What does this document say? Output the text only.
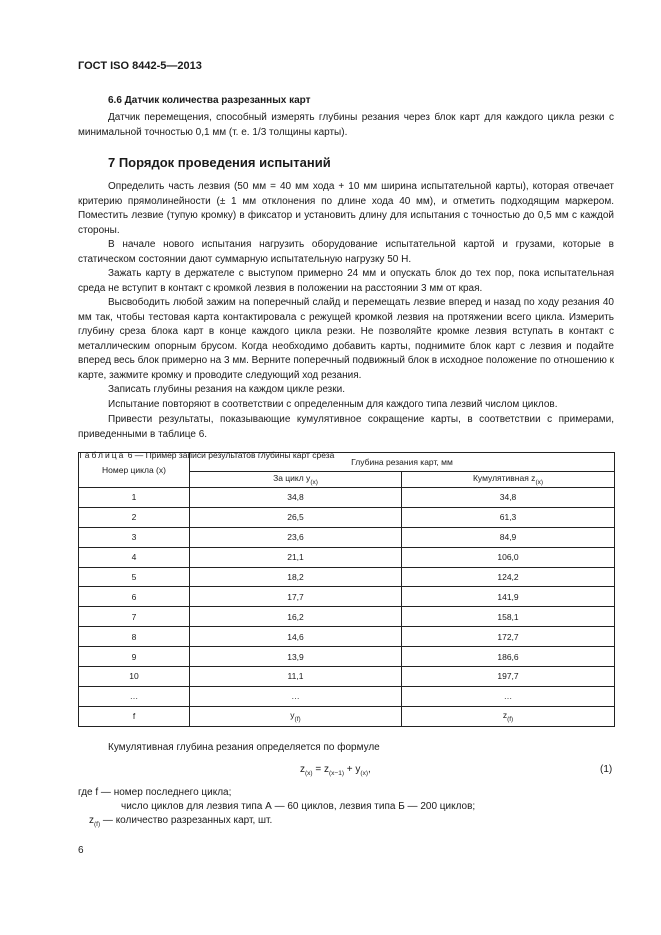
ГОСТ ISO 8442-5—2013
6.6 Датчик количества разрезанных карт

Датчик перемещения, способный измерять глубины резания через блок карт для каждого цикла резки с минимальной точностью 0,1 мм (т. е. 1/3 толщины карты).

7 Порядок проведения испытаний

Определить часть лезвия (50 мм = 40 мм хода + 10 мм ширина испытательной карты), которая отвечает критерию прямолинейности (± 1 мм отклонения по длине хода 40 мм), и отметить подходящим маркером. Поместить лезвие (тупую кромку) в фиксатор и установить длину для испытания с точностью до 0,5 мм с каждой стороны.

В начале нового испытания нагрузить оборудование испытательной картой и грузами, которые в статическом состоянии дают суммарную испытательную нагрузку 50 Н.

Зажать карту в держателе с выступом примерно 24 мм и опускать блок до тех пор, пока испытательная среда не вступит в контакт с кромкой лезвия в положении на расстоянии 3 мм от края.

Высвободить любой зажим на поперечный слайд и перемещать лезвие вперед и назад по ходу резания 40 мм так, чтобы тестовая карта контактировала с режущей кромкой лезвия на протяжении всего цикла. Измерить глубину среза блока карт в конце каждого цикла резки. Не позволяйте кромке лезвия вступать в контакт с металлическим опорным брусом. Когда необходимо добавить карты, поднимите блок карт с лезвия и подайте вперед весь блок примерно на 3 мм. Верните поперечный подвижный блок в исходное положение по отношению к карте, зажмите кромку и проводите следующий ход резания.

Записать глубины резания на каждом цикле резки.

Испытание повторяют в соответствии с определенным для каждого типа лезвий числом циклов.

Таблица 6 — Пример записи результатов глубины карт среза
Номер цикла (x)	Глубина резания карт, мм	
	За цикл $y_{(x)}$	Кумулятивная $z_{(x)}$
1	34,8	34,8
2	26,5	61,3
3	23,6	84,9
4	21,1	106,0
5	18,2	124,2
6	17,7	141,9
7	16,2	158,1
8	14,6	172,7
9	13,9	186,6
10	11,1	197,7
…	…	…
f	$y_{(f)}$	$z_{(f)}$
Кумулятивная глубина резания определяется по формуле
$z_{(x)} = z_{(x-1)} + y_{(x)}$,	(1)
где f — номер последнего цикла;
число циклов для лезвия типа А — 60 циклов, лезвия типа Б — 200 циклов;
$z_{(f)}$ — количество разрезанных карт, шт.
6

Привести результаты, показывающие кумулятивное сокращение карты, в соответствии с примерами, приведенными в таблице 6.
